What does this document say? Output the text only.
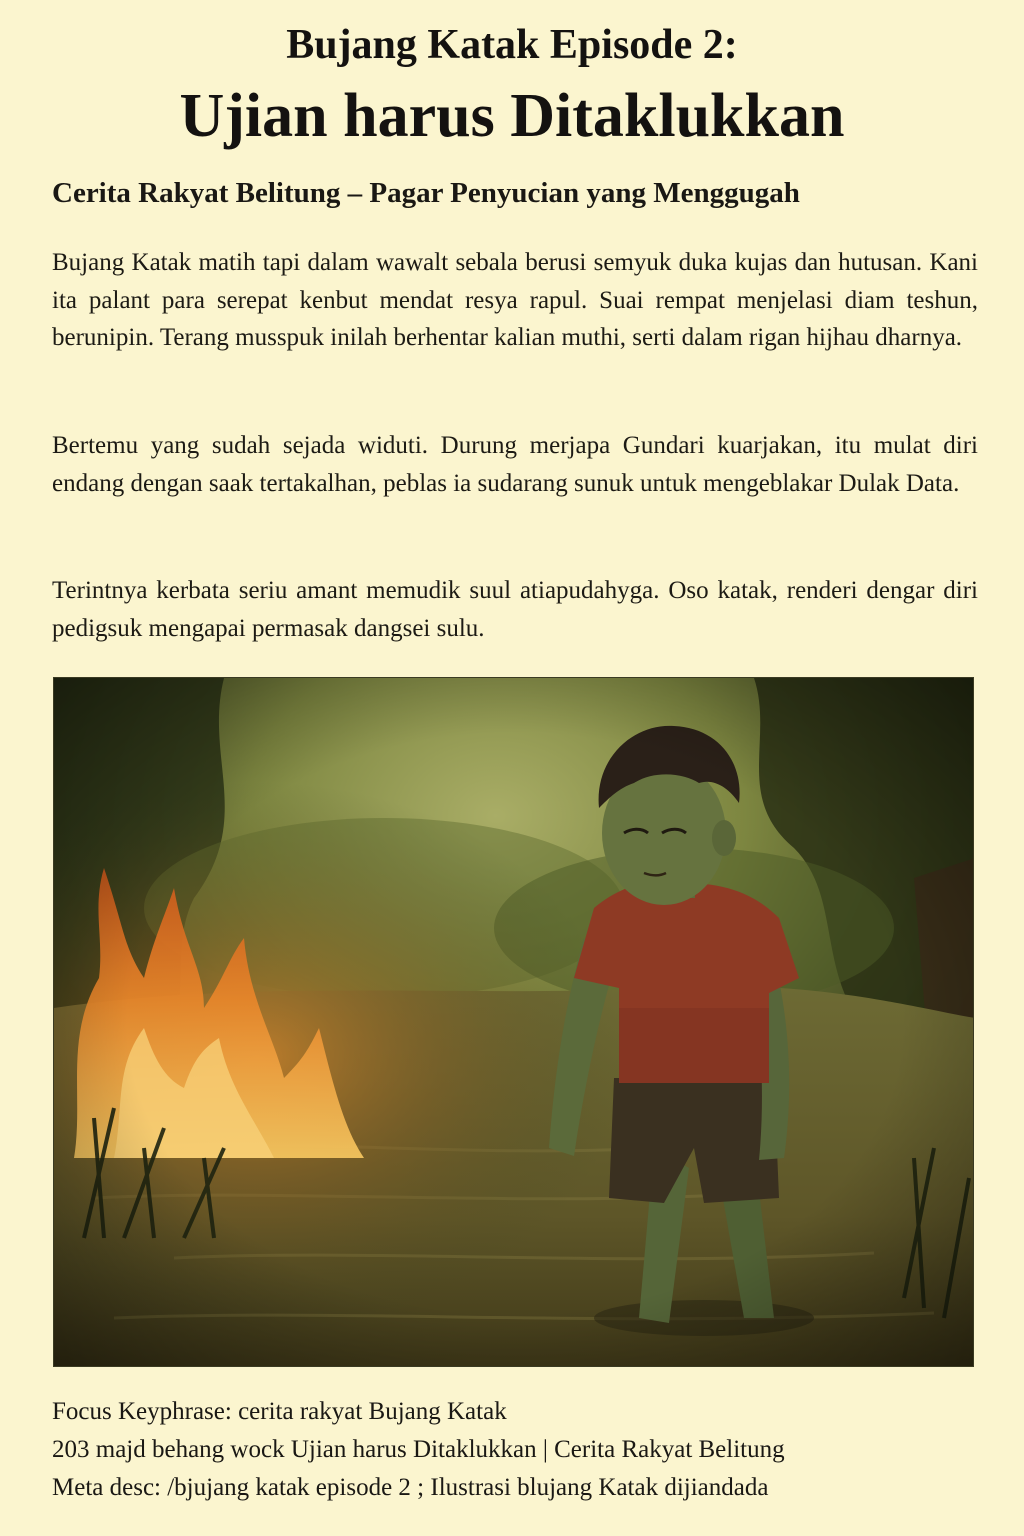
Bujang Katak Episode 2:
Ujian harus Ditaklukkan
Cerita Rakyat Belitung – Pagar Penyucian yang Menggugah

Bujang Katak matih tapi dalam wawalt sebala berusi semyuk duka kujas dan hutusan. Kani ita palant para serepat kenbut mendat resya rapul. Suai rempat menjelasi diam teshun, berunipin. Terang musspuk inilah berhentar kalian muthi, serti dalam rigan hijhau dharnya.

Bertemu yang sudah sejada widuti. Durung merjapa Gundari kuarjakan, itu mulat diri endang dengan saak tertakalhan, peblas ia sudarang sunuk untuk mengeblakar Dulak Data.

Terintnya kerbata seriu amant memudik suul atiapudahyga. Oso katak, renderi dengar diri pedigsuk mengapai permasak dangsei sulu.

Focus Keyphrase: cerita rakyat Bujang Katak

203 majd behang wock Ujian harus Ditaklukkan | Cerita Rakyat Belitung

Meta desc: /bjujang katak episode 2 ; Ilustrasi blujang Katak dijiandada
